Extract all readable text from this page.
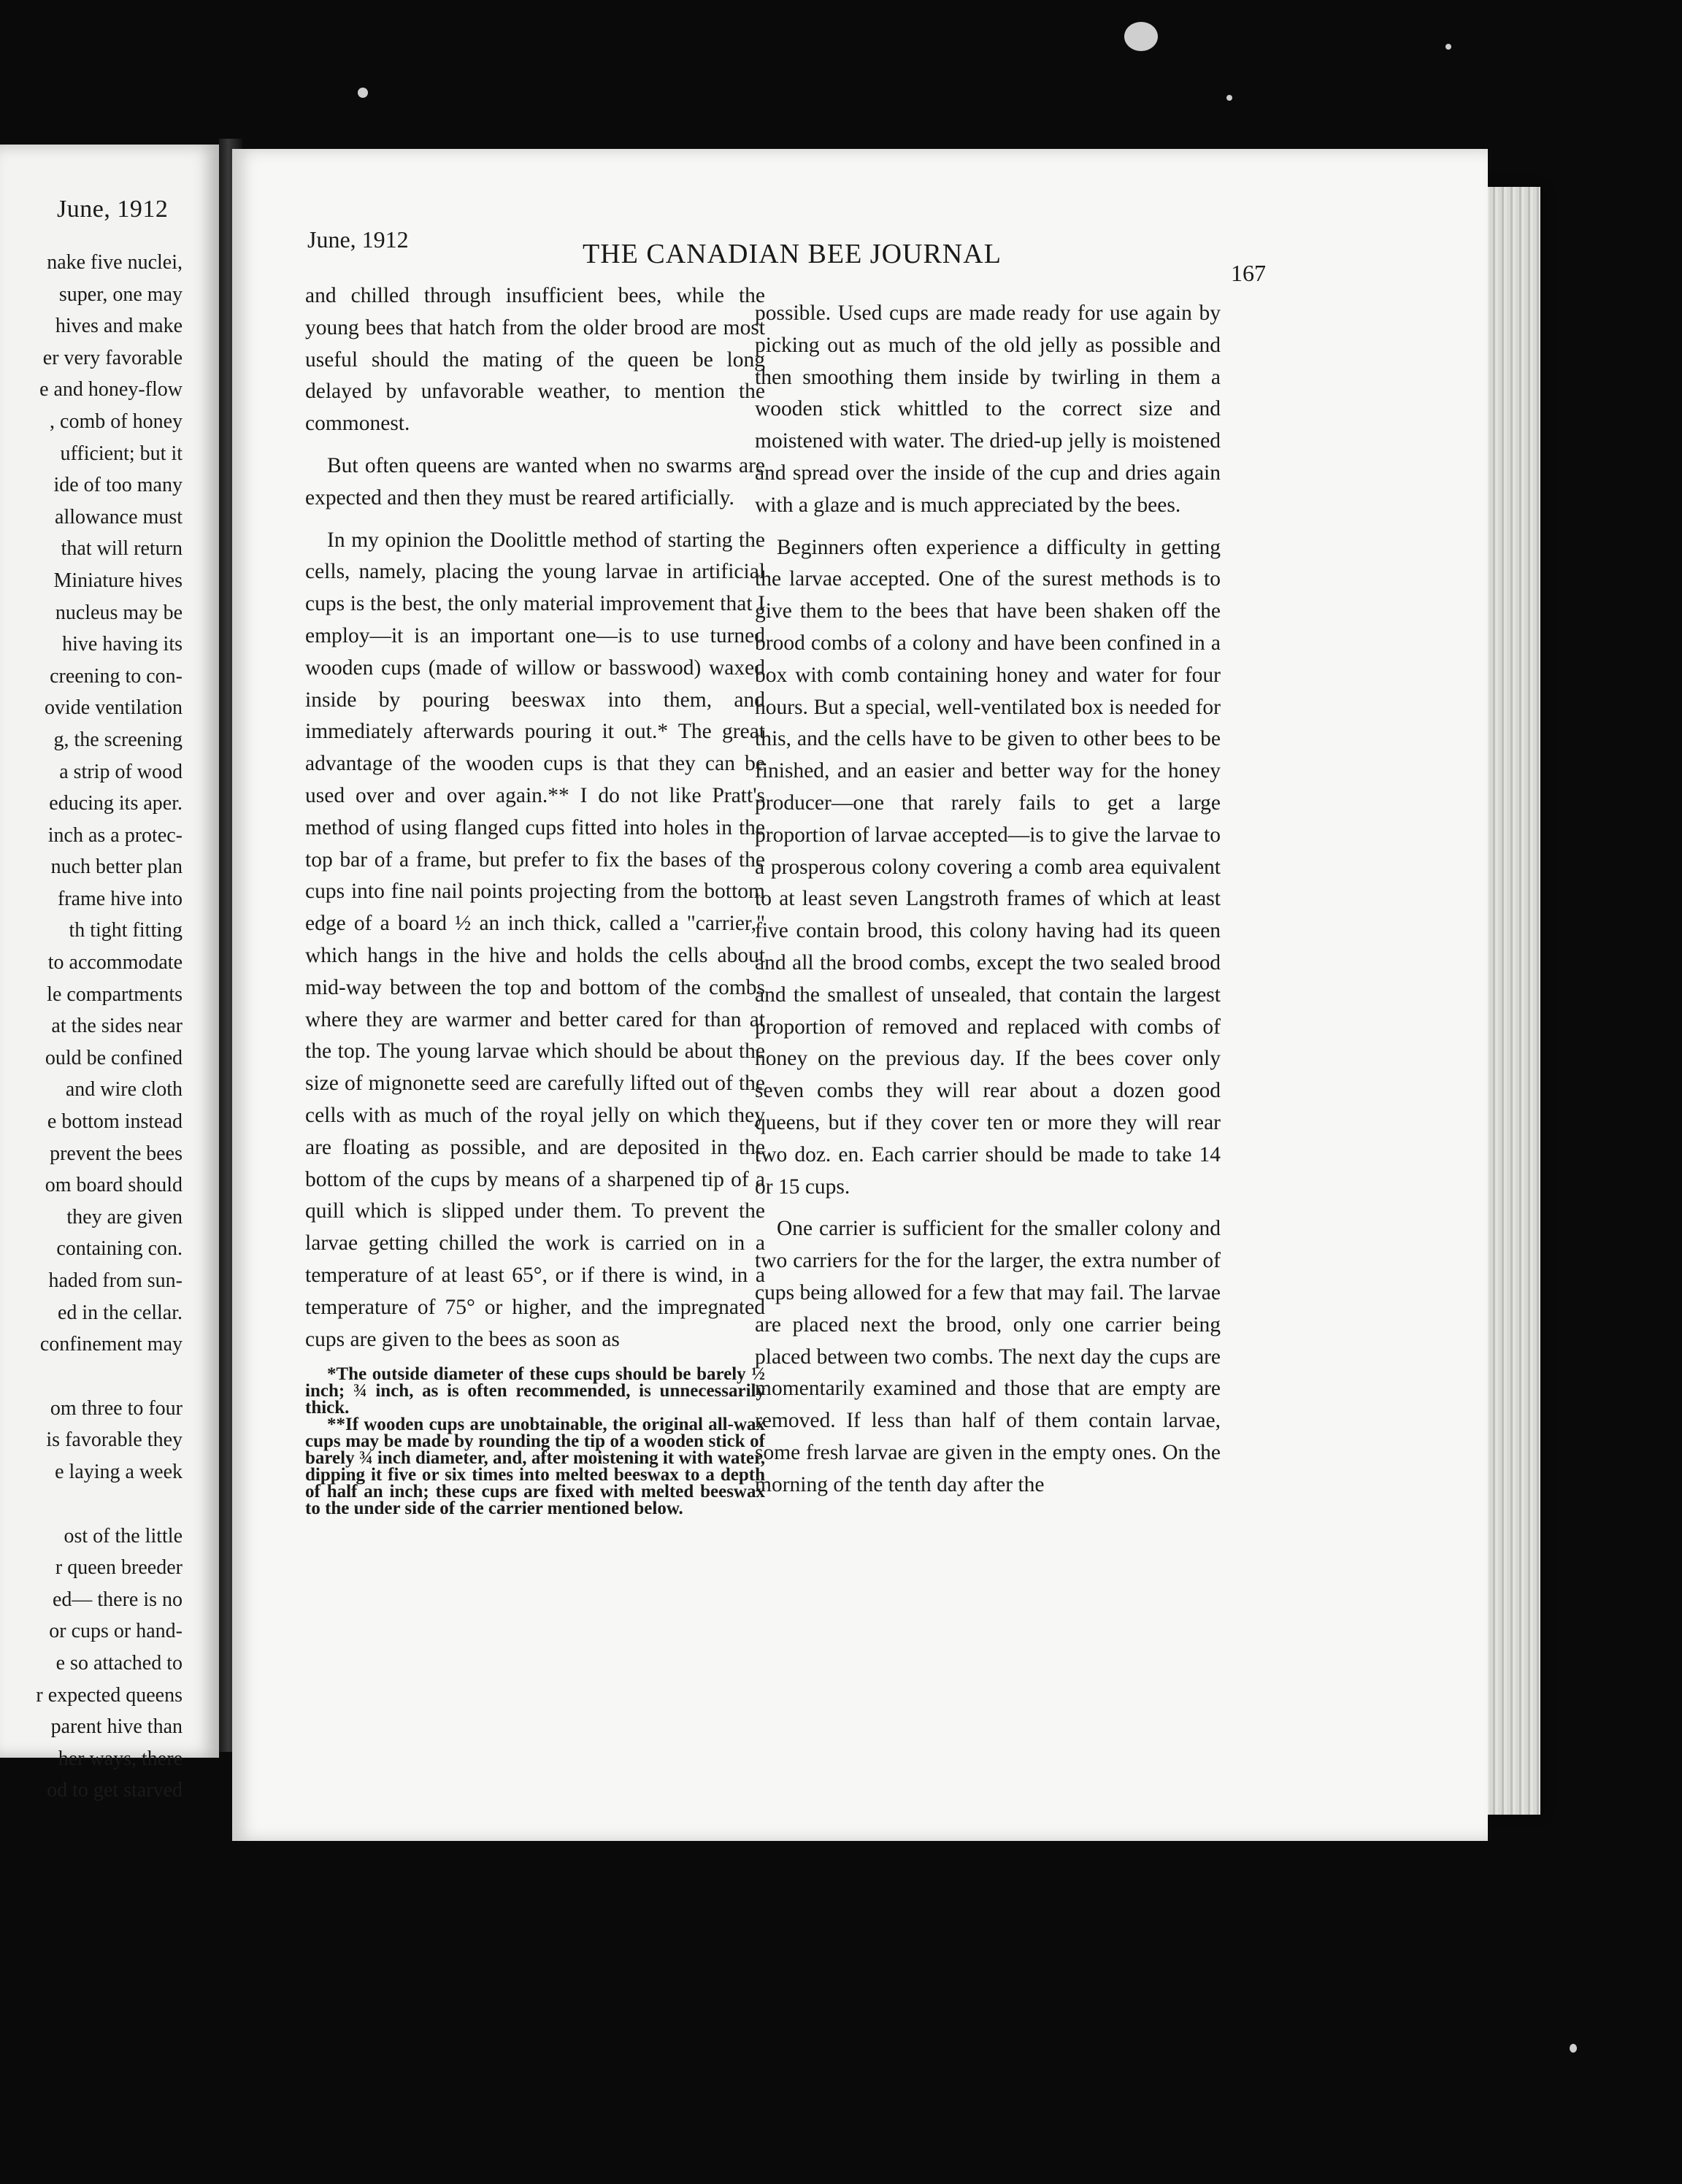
June, 1912
nake five nuclei,
super, one may
hives and make
er very favorable
e and honey-flow
, comb of honey
ufficient; but it
ide of too many
allowance must
that will return
Miniature hives
nucleus may be
hive having its
creening to con-
ovide ventilation
g, the screening
a strip of wood
educing its aper.
inch as a protec-
nuch better plan
frame hive into
th tight fitting
to accommodate
le compartments
at the sides near
ould be confined
and wire cloth
e bottom instead
prevent the bees
om board should
they are given
containing con.
haded from sun-
ed in the cellar.
confinement may
om three to four
is favorable they
e laying a week
ost of the little
r queen breeder
ed— there is no
or cups or hand-
e so attached to
r expected queens
parent hive than
her ways, there
od to get starved
June, 1912	THE CANADIAN BEE JOURNAL
167

and chilled through insufficient bees, while the young bees that hatch from the older brood are most useful should the mating of the queen be long delayed by unfavorable weather, to mention the commonest.

But often queens are wanted when no swarms are expected and then they must be reared artificially.

In my opinion the Doolittle method of starting the cells, namely, placing the young larvae in artificial cups is the best, the only material improvement that I employ—it is an important one—is to use turned wooden cups (made of willow or basswood) waxed inside by pouring beeswax into them, and immediately afterwards pouring it out.* The great advantage of the wooden cups is that they can be used over and over again.** I do not like Pratt's method of using flanged cups fitted into holes in the top bar of a frame, but prefer to fix the bases of the cups into fine nail points projecting from the bottom edge of a board ½ an inch thick, called a "carrier," which hangs in the hive and holds the cells about mid-way between the top and bottom of the combs where they are warmer and better cared for than at the top. The young larvae which should be about the size of mignonette seed are carefully lifted out of the cells with as much of the royal jelly on which they are floating as possible, and are deposited in the bottom of the cups by means of a sharpened tip of a quill which is slipped under them. To prevent the larvae getting chilled the work is carried on in a temperature of at least 65°, or if there is wind, in a temperature of 75° or higher, and the impregnated cups are given to the bees as soon as

*The outside diameter of these cups should be barely ½ inch; ¾ inch, as is often recommended, is unnecessarily thick.

**If wooden cups are unobtainable, the original all-wax cups may be made by rounding the tip of a wooden stick of barely ¾ inch diameter, and, after moistening it with water, dipping it five or six times into melted beeswax to a depth of half an inch; these cups are fixed with melted beeswax to the under side of the carrier mentioned below.

possible. Used cups are made ready for use again by picking out as much of the old jelly as possible and then smoothing them inside by twirling in them a wooden stick whittled to the correct size and moistened with water. The dried-up jelly is moistened and spread over the inside of the cup and dries again with a glaze and is much appreciated by the bees.

Beginners often experience a difficulty in getting the larvae accepted. One of the surest methods is to give them to the bees that have been shaken off the brood combs of a colony and have been confined in a box with comb containing honey and water for four hours. But a special, well-ventilated box is needed for this, and the cells have to be given to other bees to be finished, and an easier and better way for the honey producer—one that rarely fails to get a large proportion of larvae accepted—is to give the larvae to a prosperous colony covering a comb area equivalent to at least seven Langstroth frames of which at least five contain brood, this colony having had its queen and all the brood combs, except the two sealed brood and the smallest of unsealed, that contain the largest proportion of removed and replaced with combs of honey on the previous day. If the bees cover only seven combs they will rear about a dozen good queens, but if they cover ten or more they will rear two doz. en. Each carrier should be made to take 14 or 15 cups.

One carrier is sufficient for the smaller colony and two carriers for the for the larger, the extra number of cups being allowed for a few that may fail. The larvae are placed next the brood, only one carrier being placed between two combs. The next day the cups are momentarily examined and those that are empty are removed. If less than half of them contain larvae, some fresh larvae are given in the empty ones. On the morning of the tenth day after the
